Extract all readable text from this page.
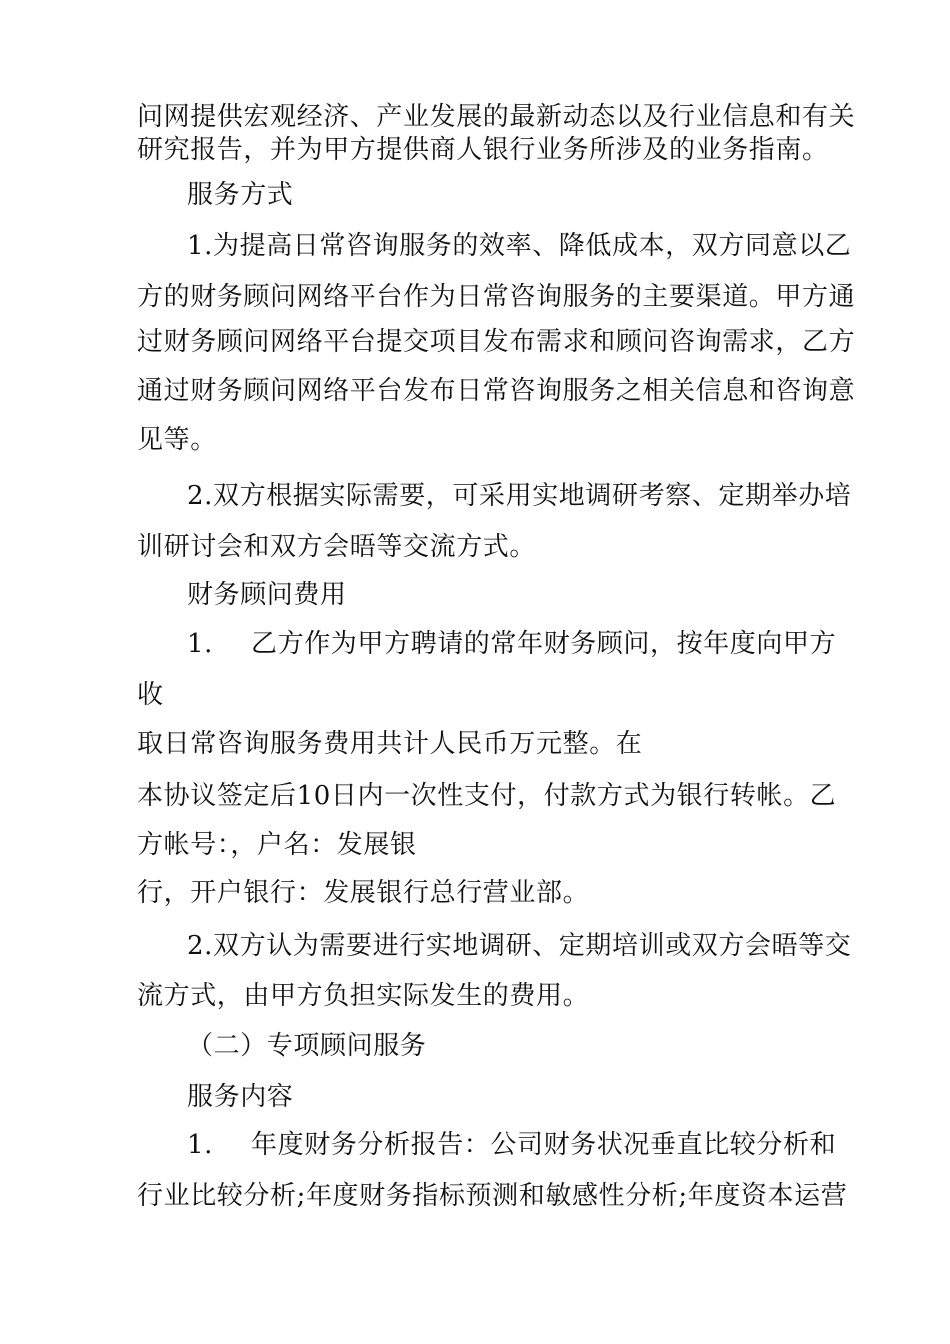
问网提供宏观经济、产业发展的最新动态以及行业信息和有关

研究报告，并为甲方提供商人银行业务所涉及的业务指南。

服务方式

1.为提高日常咨询服务的效率、降低成本，双方同意以乙

方的财务顾问网络平台作为日常咨询服务的主要渠道。甲方通

过财务顾问网络平台提交项目发布需求和顾问咨询需求，乙方

通过财务顾问网络平台发布日常咨询服务之相关信息和咨询意

见等。

2.双方根据实际需要，可采用实地调研考察、定期举办培

训研讨会和双方会晤等交流方式。

财务顾问费用

1. 乙方作为甲方聘请的常年财务顾问，按年度向甲方

收

取日常咨询服务费用共计人民币万元整。在

本协议签定后10日内一次性支付，付款方式为银行转帐。乙

方帐号：，户名：发展银

行，开户银行：发展银行总行营业部。

2.双方认为需要进行实地调研、定期培训或双方会晤等交

流方式，由甲方负担实际发生的费用。

（二）专项顾问服务

服务内容

1. 年度财务分析报告：公司财务状况垂直比较分析和

行业比较分析;年度财务指标预测和敏感性分析;年度资本运营
